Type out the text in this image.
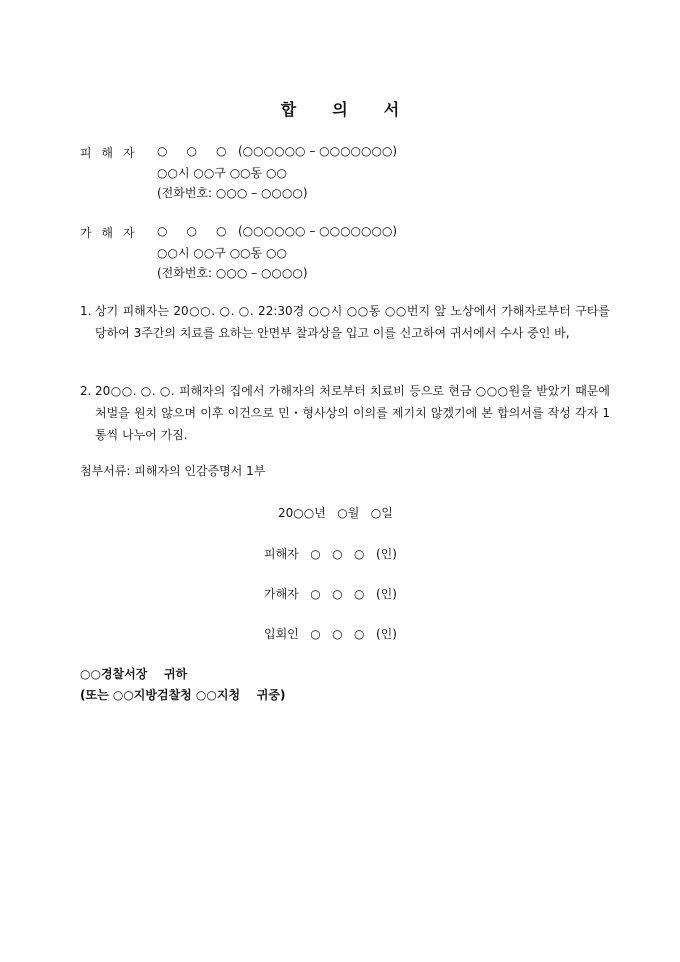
합 의 서
피 해 자 ○     ○     ○   (○○○○○○ – ○○○○○○○)
○○시 ○○구 ○○동 ○○
(전화번호: ○○○ – ○○○○)
가 해 자 ○     ○     ○   (○○○○○○ – ○○○○○○○)
○○시 ○○구 ○○동 ○○
(전화번호: ○○○ – ○○○○)
1. 상기 피해자는 20○○. ○. ○. 22:30경 ○○시 ○○동 ○○번지 앞 노상에서 가해자로부터 구타를 당하여 3주간의 치료를 요하는 안면부 찰과상을 입고 이를 신고하여 귀서에서 수사 중인 바,
2. 20○○. ○. ○. 피해자의 집에서 가해자의 처로부터 치료비 등으로 현금 ○○○원을 받았기 때문에 처벌을 원치 않으며 이후 이건으로 민・형사상의 이의를 제기치 않겠기에 본 합의서를 작성 각자 1통씩 나누어 가짐.
첨부서류: 피해자의 인감증명서 1부
20○○년   ○월   ○일
피해자   ○   ○   ○   (인)
가해자   ○   ○   ○   (인)
입회인   ○   ○   ○   (인)
○○경찰서장    귀하
(또는 ○○지방검찰청 ○○지청    귀중)
